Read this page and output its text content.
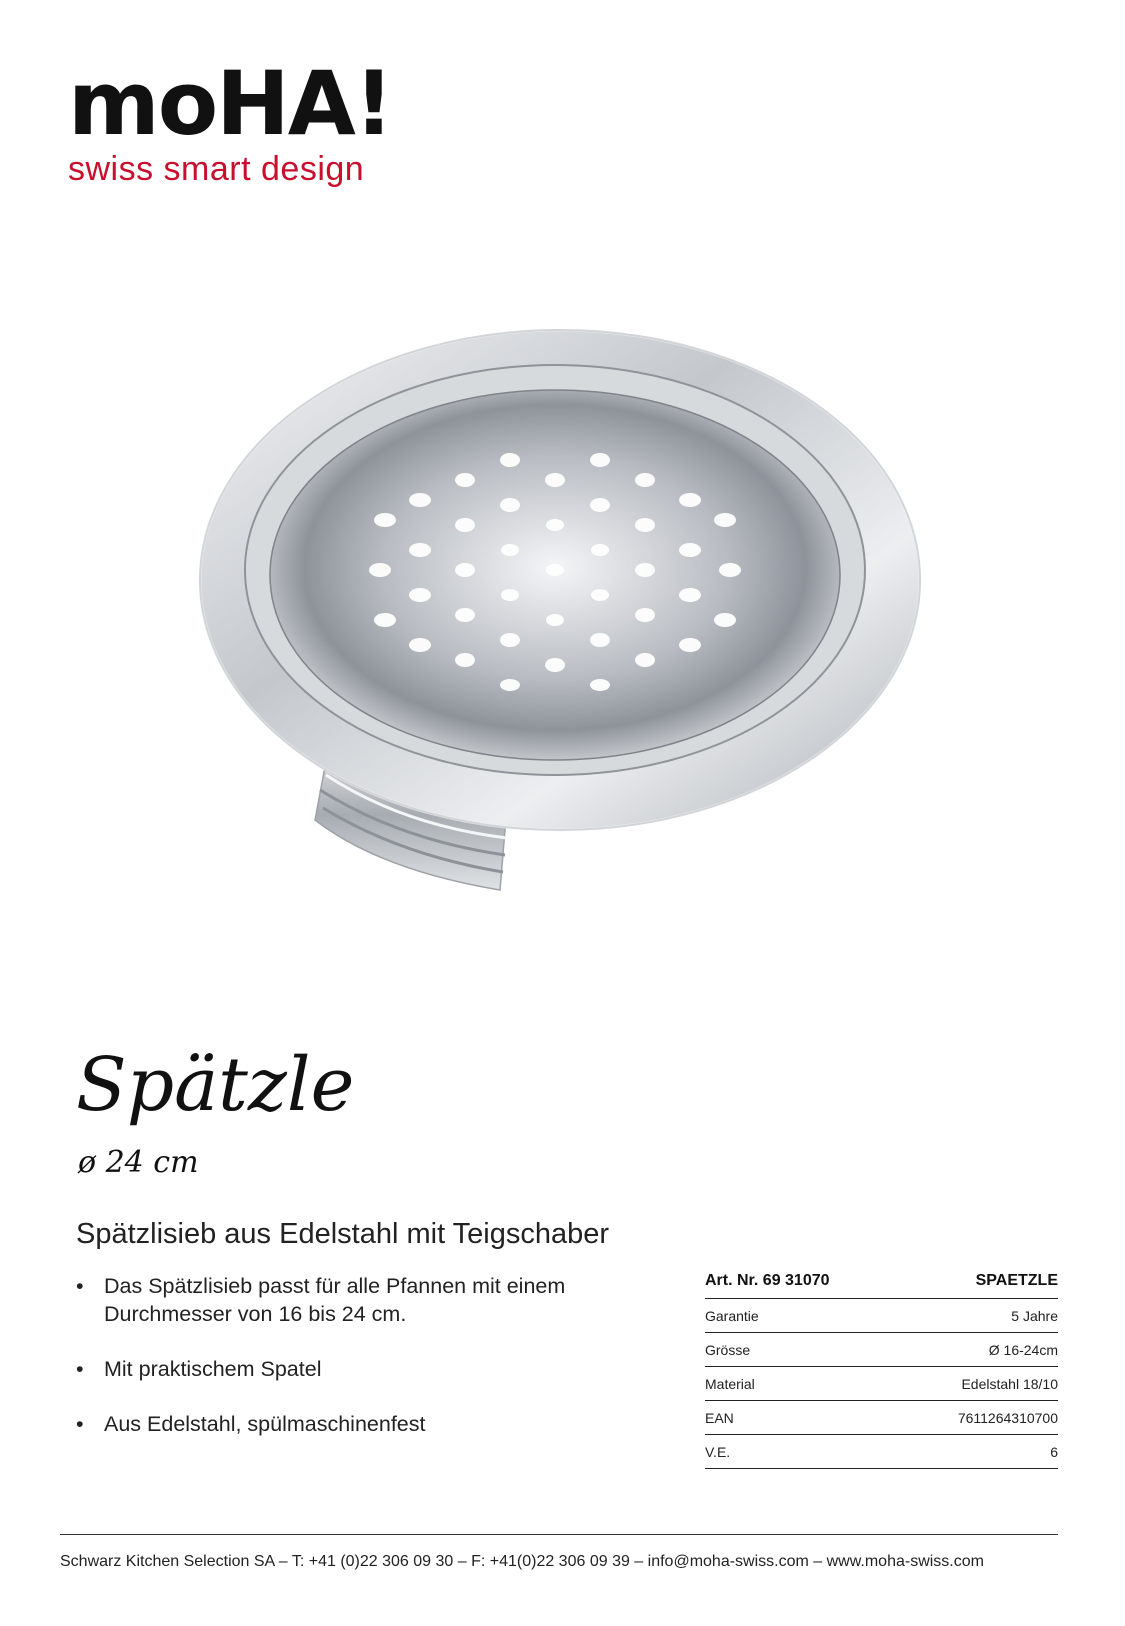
moHA!
swiss smart design
Spätzle
ø 24 cm
Spätzlisieb aus Edelstahl mit Teigschaber
• Das Spätzlisieb passt für alle Pfannen mit einem Durchmesser von 16 bis 24 cm.
• Mit praktischem Spatel
• Aus Edelstahl, spülmaschinenfest
Art. Nr. 69 31070	SPAETZLE
Garantie	5 Jahre
Grösse	Ø 16-24cm
Material	Edelstahl 18/10
EAN	7611264310700
V.E.	6
Schwarz Kitchen Selection SA – T: +41 (0)22 306 09 30 – F: +41(0)22 306 09 39 – info@moha-swiss.com – www.moha-swiss.com
